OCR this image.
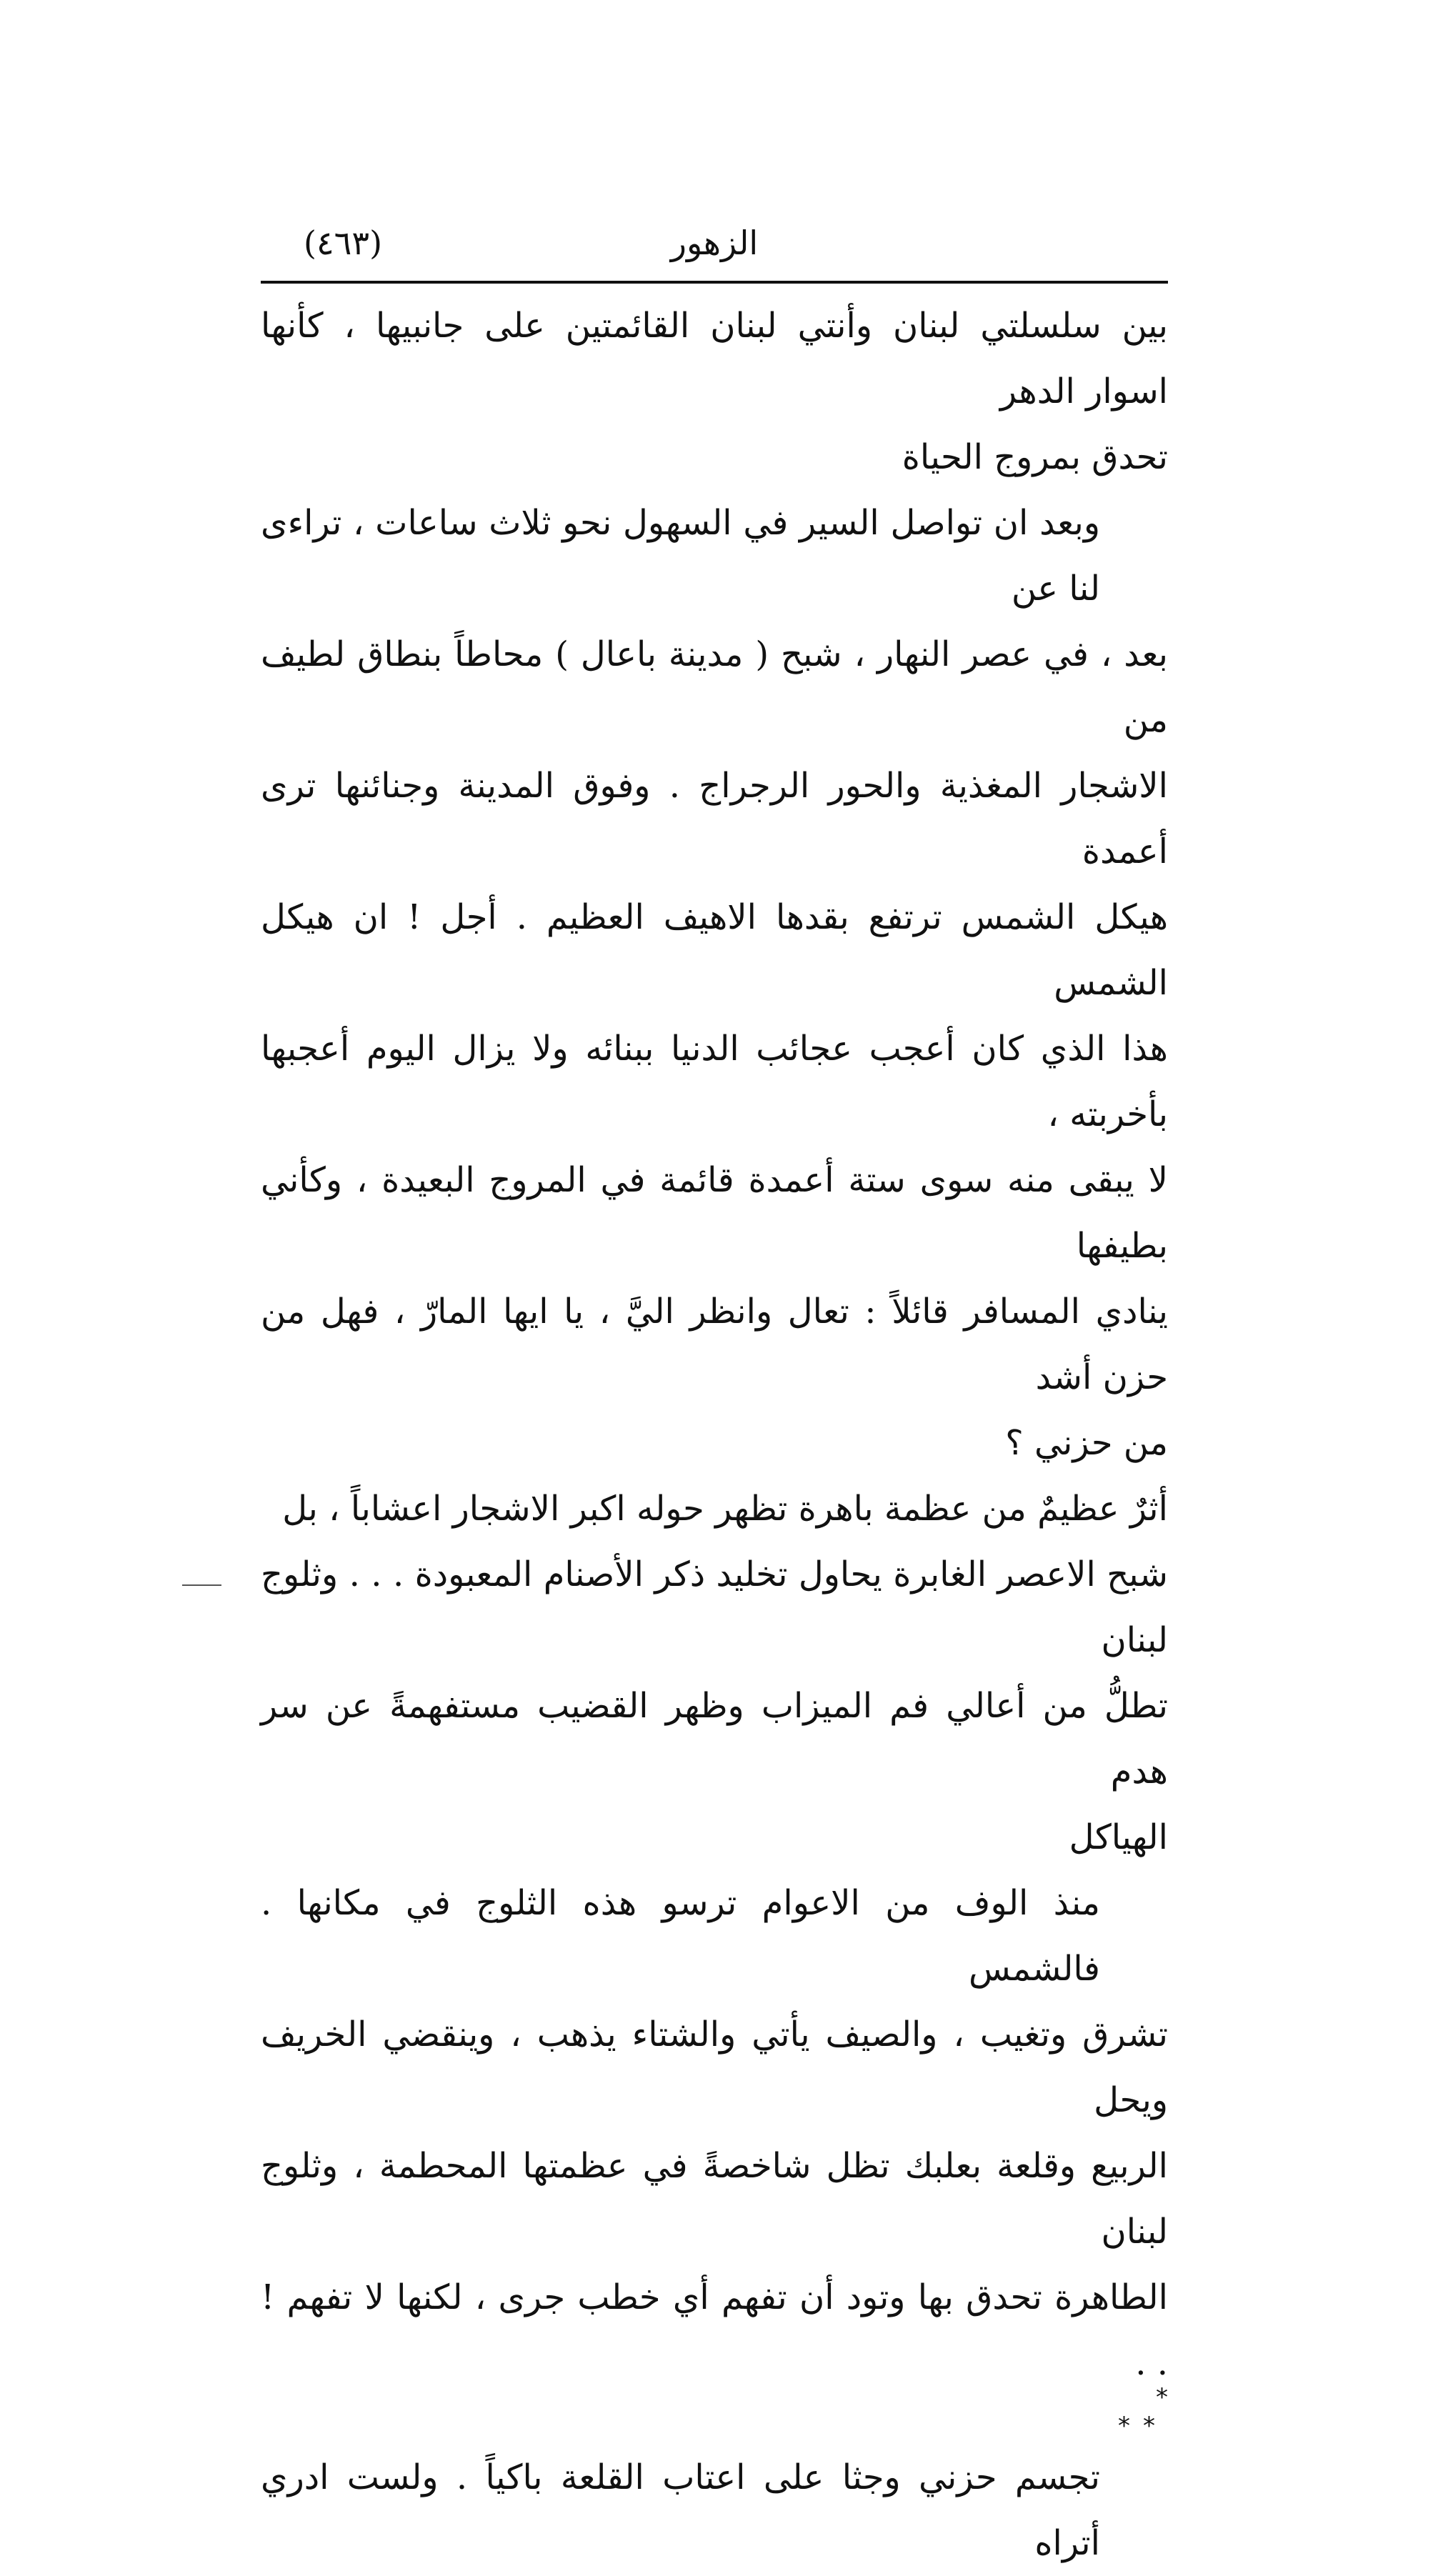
الزهور
(٤٦٣)

بين سلسلتي لبنان وأنتي لبنان القائمتين على جانبيها ، كأنها اسوار الدهر
تحدق بمروج الحياة

وبعد ان تواصل السير في السهول نحو ثلاث ساعات ، تراءى لنا عن
بعد ، في عصر النهار ، شبح ( مدينة باعال ) محاطاً بنطاق لطيف من
الاشجار المغذية والحور الرجراج . وفوق المدينة وجنائنها ترى أعمدة
هيكل الشمس ترتفع بقدها الاهيف العظيم . أجل ! ان هيكل الشمس
هذا الذي كان أعجب عجائب الدنيا ببنائه ولا يزال اليوم أعجبها بأخربته ،
لا يبقى منه سوى ستة أعمدة قائمة في المروج البعيدة ، وكأني بطيفها
ينادي المسافر قائلاً : تعال وانظر اليَّ ، يا ايها المارّ ، فهل من حزن أشد
من حزني ؟

أثرٌ عظيمٌ من عظمة باهرة تظهر حوله اكبر الاشجار اعشاباً ، بل
شبح الاعصر الغابرة يحاول تخليد ذكر الأصنام المعبودة . . . وثلوج لبنان
تطلُّ من أعالي فم الميزاب وظهر القضيب مستفهمةً عن سر هدم
الهياكل

منذ الوف من الاعوام ترسو هذه الثلوج في مكانها . فالشمس
تشرق وتغيب ، والصيف يأتي والشتاء يذهب ، وينقضي الخريف ويحل
الربيع وقلعة بعلبك تظل شاخصةً في عظمتها المحطمة ، وثلوج لبنان
الطاهرة تحدق بها وتود أن تفهم أي خطب جرى ، لكنها لا تفهم ! . .

*
**

تجسم حزني وجثا على اعتاب القلعة باكياً . ولست ادري أتراه
